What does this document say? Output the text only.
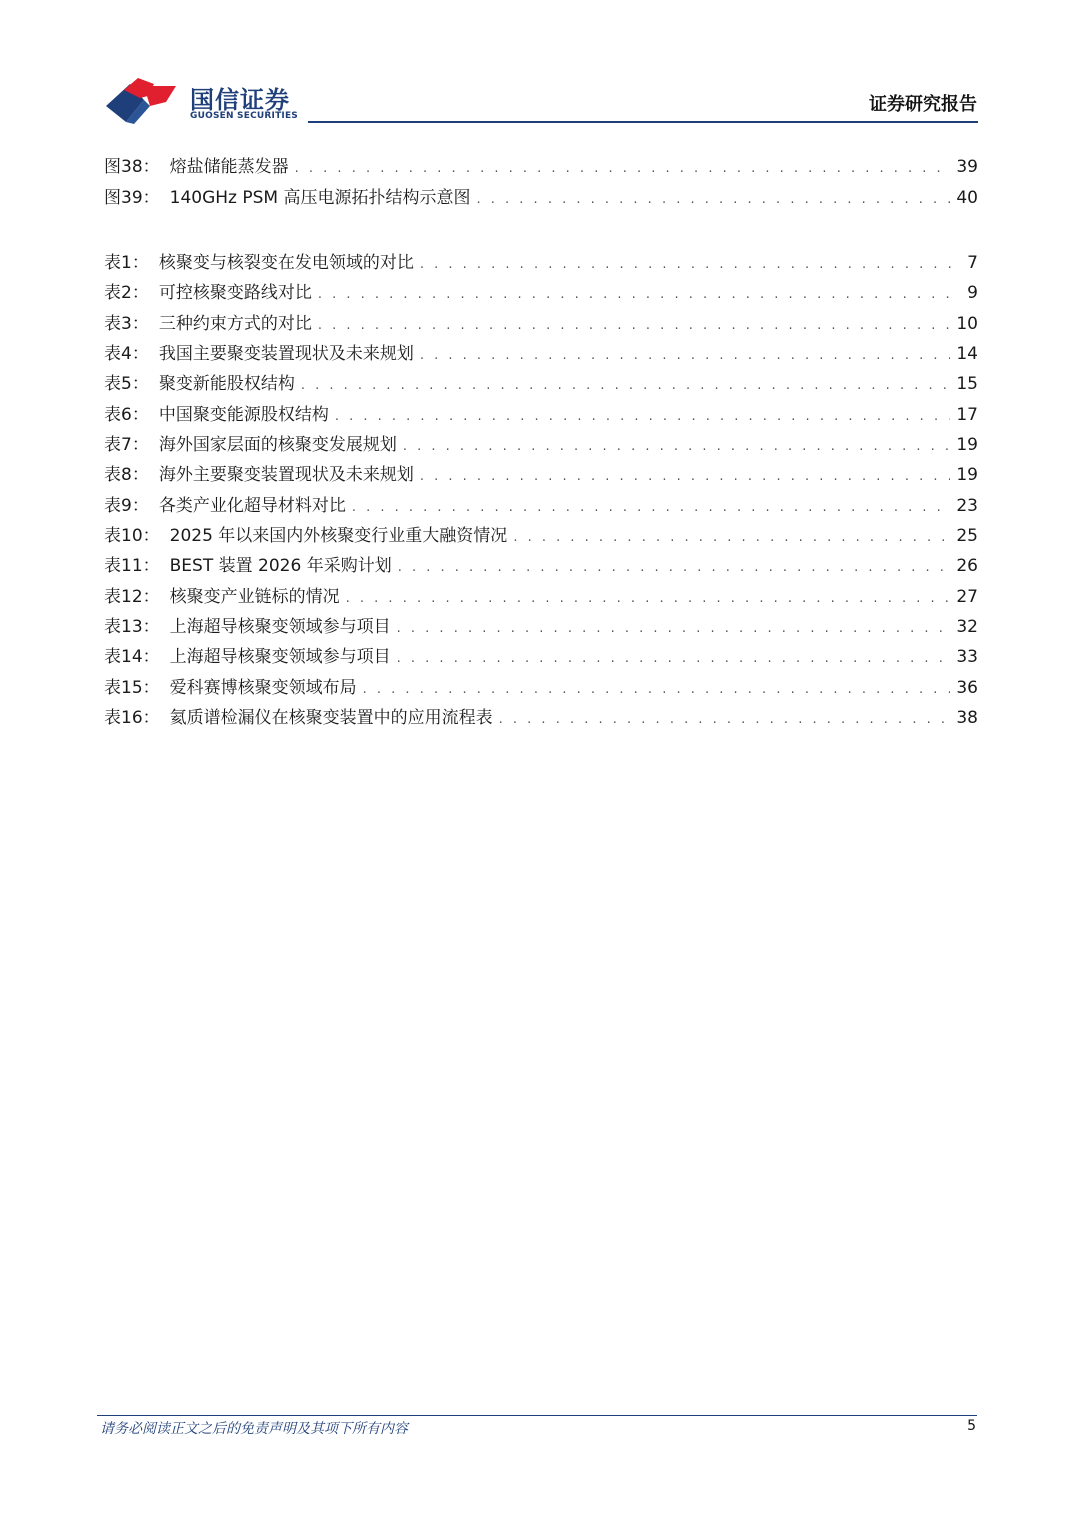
国信证券
GUOSEN SECURITIES
证券研究报告
图38： 熔盐储能蒸发器 . . .	39
图39： 140GHz PSM 高压电源拓扑结构示意图 . . .	40
表1： 核聚变与核裂变在发电领域的对比 . . .	7
表2： 可控核聚变路线对比 . . .	9
表3： 三种约束方式的对比 . . .	10
表4： 我国主要聚变装置现状及未来规划 . . .	14
表5： 聚变新能股权结构 . . .	15
表6： 中国聚变能源股权结构 . . .	17
表7： 海外国家层面的核聚变发展规划 . . .	19
表8： 海外主要聚变装置现状及未来规划 . . .	19
表9： 各类产业化超导材料对比 . . .	23
表10： 2025 年以来国内外核聚变行业重大融资情况 . . .	25
表11： BEST 装置 2026 年采购计划 . . .	26
表12： 核聚变产业链标的情况 . . .	27
表13： 上海超导核聚变领域参与项目 . . .	32
表14： 上海超导核聚变领域参与项目 . . .	33
表15： 爱科赛博核聚变领域布局 . . .	36
表16： 氦质谱检漏仪在核聚变装置中的应用流程表 . . .	38
请务必阅读正文之后的免责声明及其项下所有内容	5
